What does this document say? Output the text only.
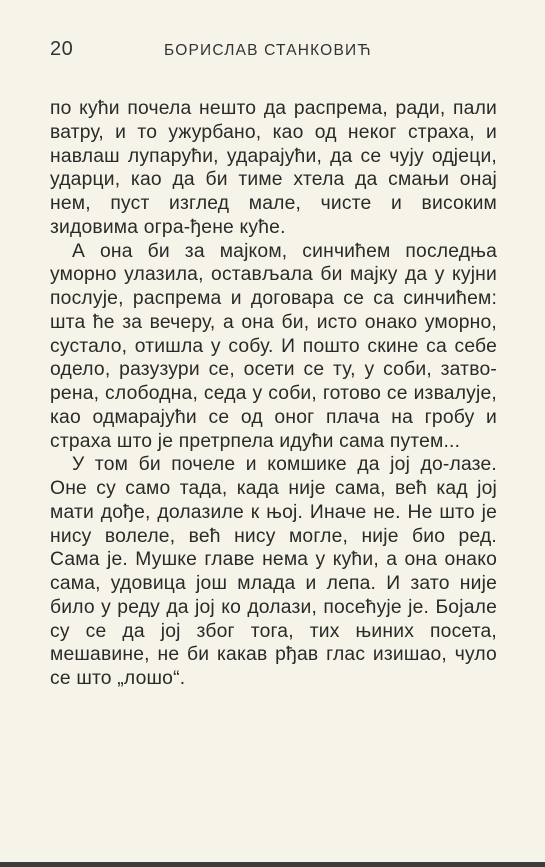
20	БОРИСЛАВ СТАНКОВИЋ

по кући почела нешто да распрема, ради, пали ватру, и то ужурбано, као од неког страха, и навлаш лупарући, ударајући, да се чују одјеци, ударци, као да би тиме хтела да смањи онај нем, пуст изглед мале, чисте и високим зидовима огра-ђене куће.

А она би за мајком, синчићем последња уморно улазила, остављала би мајку да у кујни послује, распрема и договара се са синчићем: шта ће за вечеру, а она би, исто онако уморно, сустало, отишла у собу. И пошто скине са себе одело, разузури се, осети се ту, у соби, затво-рена, слободна, седа у соби, готово се извалује, као одмарајући се од оног плача на гробу и страха што је претрпела идући сама путем...

У том би почеле и комшике да јој до-лазе. Оне су само тада, када није сама, већ кад јој мати дође, долазиле к њој. Иначе не. Не што је нису волеле, већ нису могле, није био ред. Сама је. Мушке главе нема у кући, а она онако сама, удовица још млада и лепа. И зато није било у реду да јој ко долази, посећује је. Бојале су се да јој због тога, тих њиних посета, мешавине, не би какав рђав глас изишао, чуло се што „лошо“.
